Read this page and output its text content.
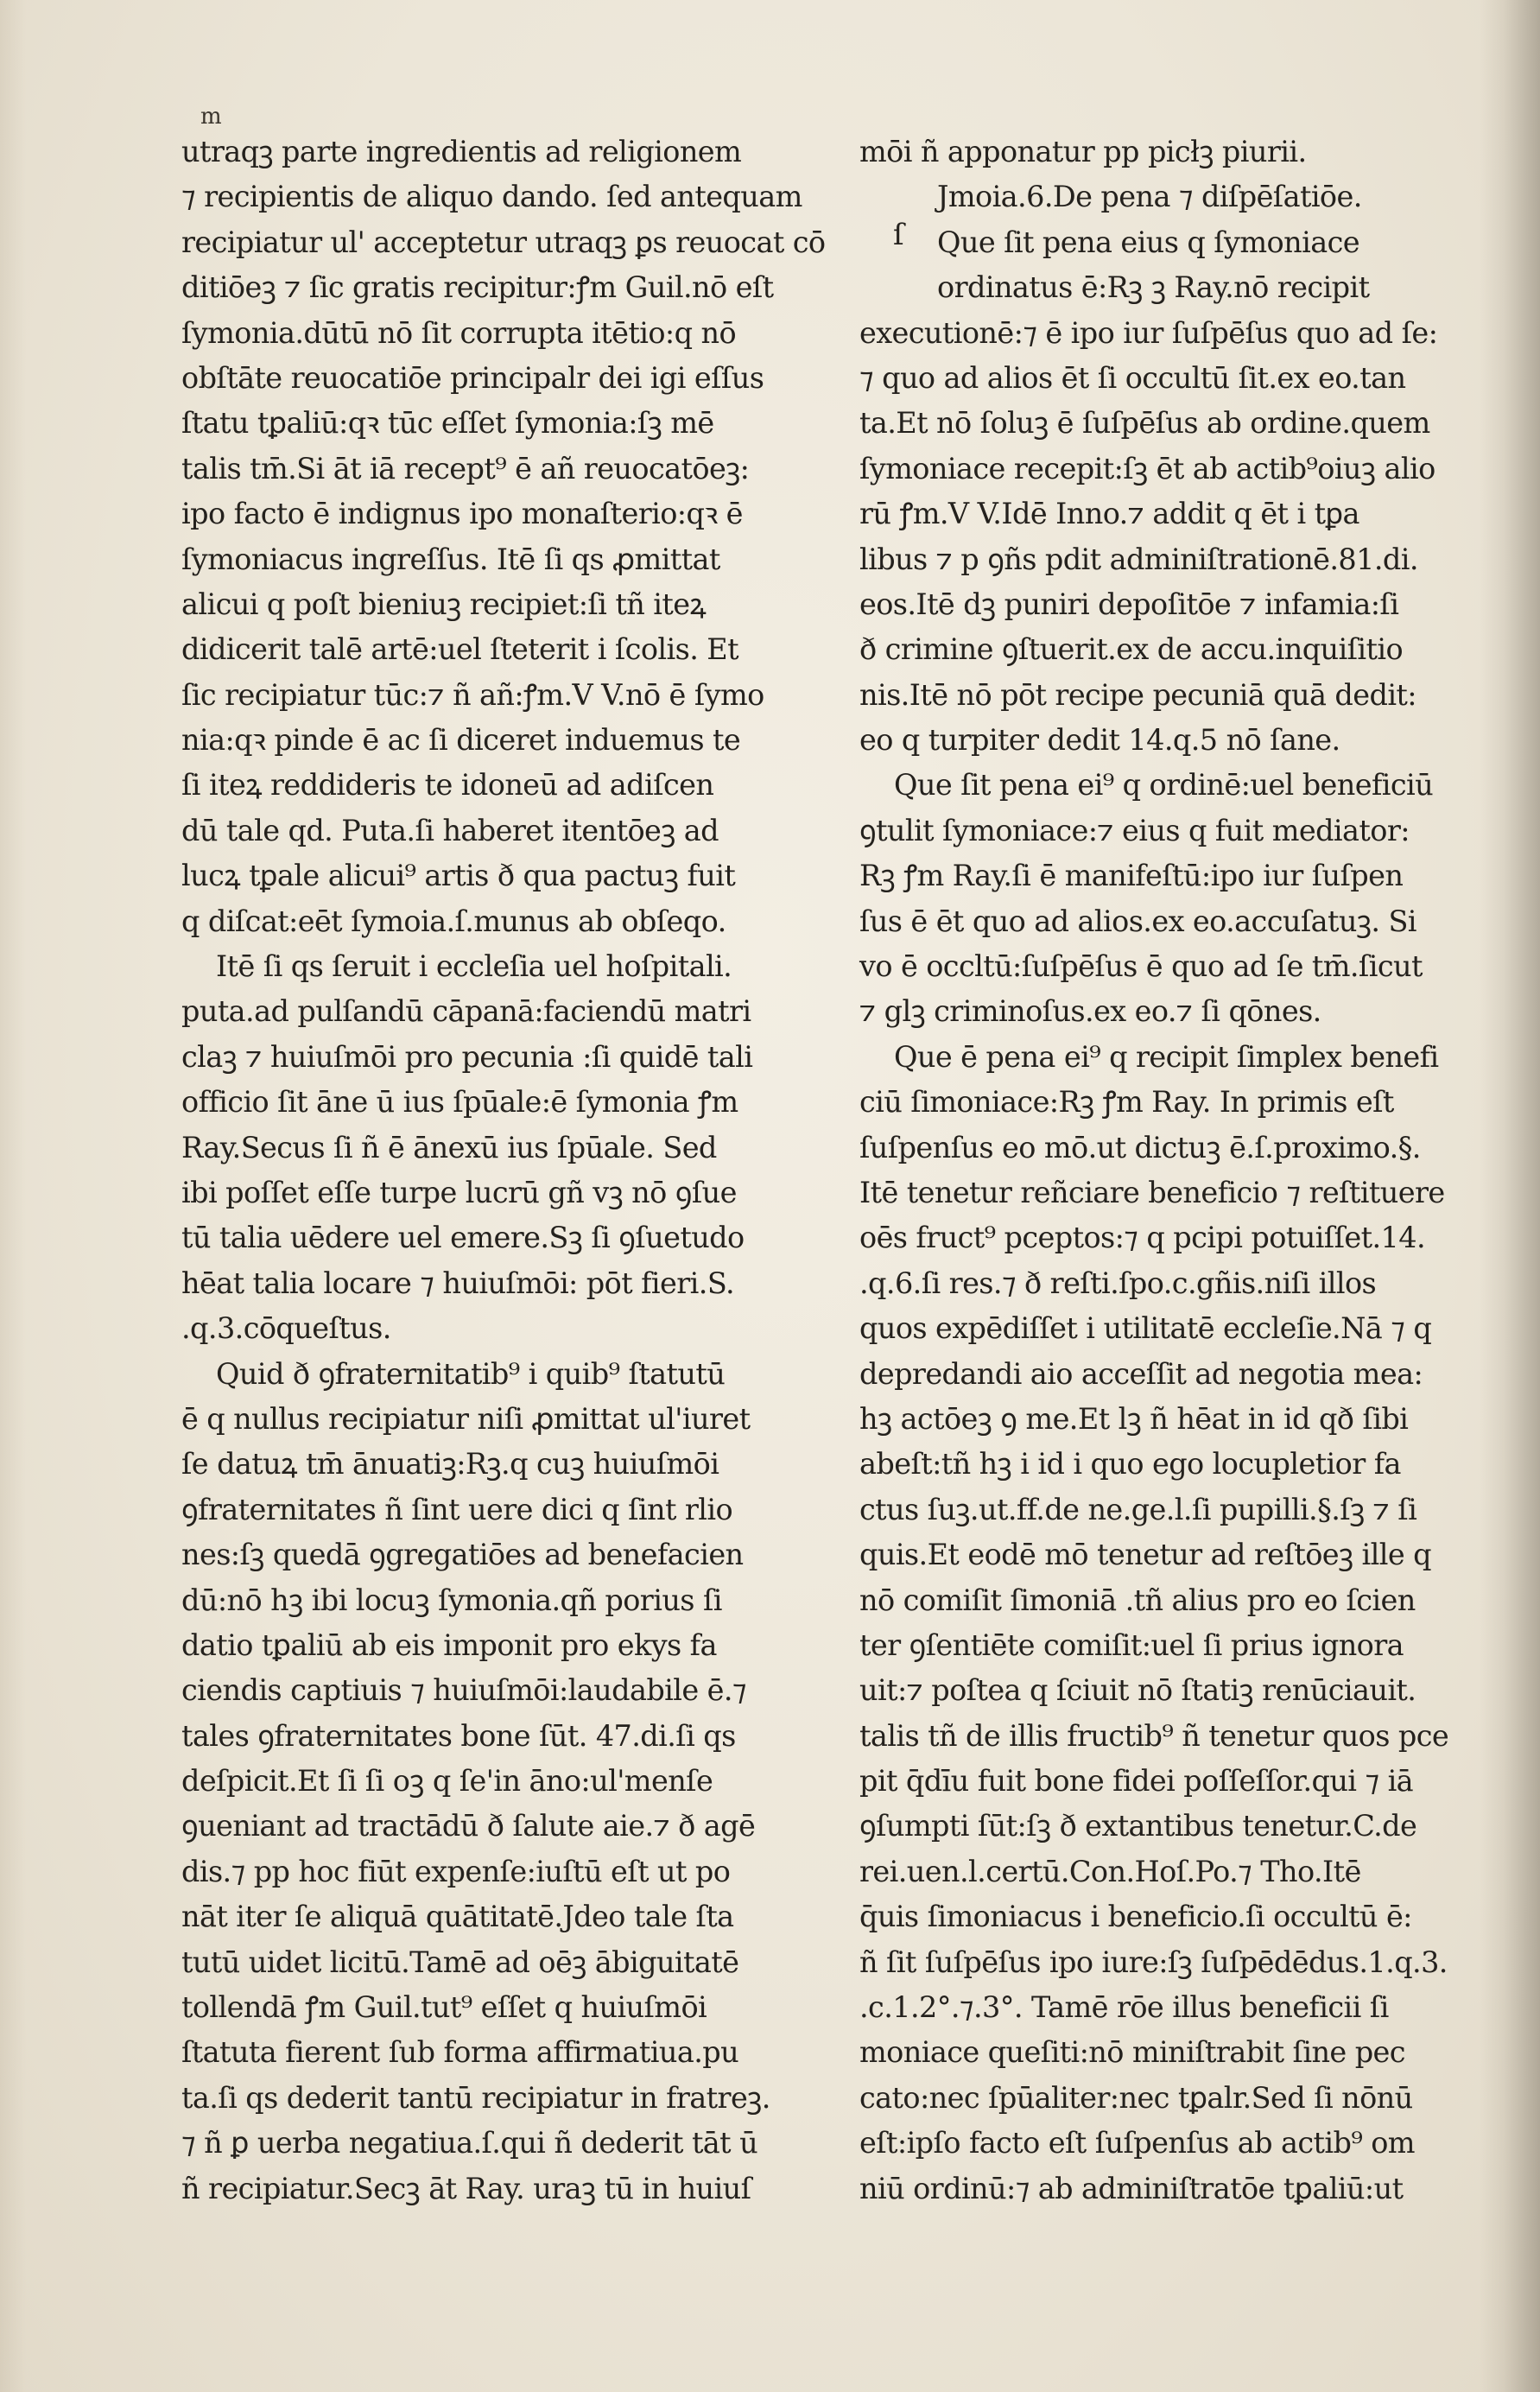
m
utraqꝫ parte ingredientis ad religionem
⁊ recipientis de aliquo dando. ſed antequam
recipiatur ul' acceptetur utraqꝫ ꝑs reuocat cō
ditiōeꝫ ⁊ ſic gratis recipitur:ꝭm Guil.nō eſt
ſymonia.dūtū nō ſit corrupta itētio:q nō
obſtāte reuocatiōe principalr dei igi eſſus
ſtatu tꝑaliū:qꝛ tūc eſſet ſymonia:ſꝫ mē
talis tm̄.Si āt iā recept⁹ ē añ reuocatōeꝫ:
ipo facto ē indignus ipo monaſterio:qꝛ ē
ſymoniacus ingreſſus. Itē ſi qs ꝓmittat
alicui q poſt bieniuꝫ recipiet:ſi tñ iteꝝ
didicerit talē artē:uel ſteterit i ſcolis. Et
ſic recipiatur tūc:⁊ ñ añ:ꝭm.V V.nō ē ſymo
nia:qꝛ pinde ē ac ſi diceret induemus te
ſi iteꝝ reddideris te idoneū ad adiſcen
dū tale qd. Puta.ſi haberet itentōeꝫ ad
lucꝝ tꝑale alicui⁹ artis ð qua pactuꝫ fuit
q diſcat:eēt ſymoia.ſ.munus ab obſeqo.
Itē ſi qs ſeruit i eccleſia uel hoſpitali.
puta.ad pulſandū cāpanā:faciendū matri
claꝫ ⁊ huiuſmōi pro pecunia :ſi quidē tali
officio ſit āne ū ius ſpūale:ē ſymonia ꝭm
Ray.Secus ſi ñ ē ānexū ius ſpūale. Sed
ibi poſſet eſſe turpe lucrū gñ vꝫ nō ꝯſue
tū talia uēdere uel emere.Sꝫ ſi ꝯſuetudo
hēat talia locare ⁊ huiuſmōi: pōt fieri.S.
.q.3.cōqueſtus.
Quid ð ꝯfraternitatib⁹ i quib⁹ ſtatutū
ē q nullus recipiatur niſi ꝓmittat ul'iuret
ſe datuꝝ tm̄ ānuatiꝫ:Rꝫ.q cuꝫ huiuſmōi
ꝯfraternitates ñ ſint uere dici q ſint rlio
nes:ſꝫ quedā ꝯgregatiōes ad benefacien
dū:nō hꝫ ibi locuꝫ ſymonia.qñ porius ſi
datio tꝑaliū ab eis imponit pro ekys fa
ciendis captiuis ⁊ huiuſmōi:laudabile ē.⁊
tales ꝯfraternitates bone ſūt. 47.di.ſi qs
deſpicit.Et ſi ſi oꝫ q ſe'in āno:ul'menſe
ꝯueniant ad tractādū ð ſalute aie.⁊ ð agē
dis.⁊ pp hoc fiūt expenſe:iuſtū eſt ut po
nāt iter ſe aliquā quātitatē.Jdeo tale ſta
tutū uidet licitū.Tamē ad oēꝫ ābiguitatē
tollendā ꝭm Guil.tut⁹ eſſet q huiuſmōi
ſtatuta fierent ſub forma affirmatiua.pu
ta.ſi qs dederit tantū recipiatur in fratreꝫ.
⁊ ñ ꝑ uerba negatiua.ſ.qui ñ dederit tāt ū
ñ recipiatur.Secꝫ āt Ray. uraꝫ tū in huiuſ
ſ
mōi ñ apponatur pp picłꝫ piurii.
Jmoia.6.De pena ⁊ diſpēſatiōe.
Que ſit pena eius q ſymoniace
ordinatus ē:Rꝫ ꝫ Ray.nō recipit
executionē:⁊ ē ipo iur ſuſpēſus quo ad ſe:
⁊ quo ad alios ēt ſi occultū ſit.ex eo.tan
ta.Et nō ſoluꝫ ē ſuſpēſus ab ordine.quem
ſymoniace recepit:ſꝫ ēt ab actib⁹oiuꝫ alio
rū ꝭm.V V.Idē Inno.⁊ addit q ēt i tꝑa
libus ⁊ p ꝯñs pdit adminiſtrationē.81.di.
eos.Itē dꝫ puniri depoſitōe ⁊ infamia:ſi
ð crimine ꝯſtuerit.ex de accu.inquiſitio
nis.Itē nō pōt recipe pecuniā quā dedit:
eo q turpiter dedit 14.q.5 nō ſane.
Que ſit pena ei⁹ q ordinē:uel beneficiū
ꝯtulit ſymoniace:⁊ eius q fuit mediator:
Rꝫ ꝭm Ray.ſi ē manifeſtū:ipo iur ſuſpen
ſus ē ēt quo ad alios.ex eo.accuſatuꝫ. Si
vo ē occltū:ſuſpēſus ē quo ad ſe tm̄.ſicut
⁊ glꝫ criminoſus.ex eo.⁊ ſi qōnes.
Que ē pena ei⁹ q recipit ſimplex benefi
ciū ſimoniace:Rꝫ ꝭm Ray. In primis eſt
ſuſpenſus eo mō.ut dictuꝫ ē.ſ.proximo.§.
Itē tenetur reñciare beneficio ⁊ reſtituere
oēs fruct⁹ pceptos:⁊ q pcipi potuiſſet.14.
.q.6.ſi res.⁊ ð reſti.ſpo.c.gñis.niſi illos
quos expēdiſſet i utilitatē eccleſie.Nā ⁊ q
depredandi aio acceſſit ad negotia mea:
hꝫ actōeꝫ ꝯ me.Et lꝫ ñ hēat in id qð ſibi
abeſt:tñ hꝫ i id i quo ego locupletior fa
ctus ſuꝫ.ut.ff.de ne.ge.l.ſi pupilli.§.ſꝫ ⁊ ſi
quis.Et eodē mō tenetur ad reſtōeꝫ ille q
nō comiſit ſimoniā .tñ alius pro eo ſcien
ter ꝯſentiēte comiſit:uel ſi prius ignora
uit:⁊ poſtea q ſciuit nō ſtatiꝫ renūciauit.
talis tñ de illis fructib⁹ ñ tenetur quos pce
pit q̄dīu fuit bone fidei poſſeſſor.qui ⁊ iā
ꝯſumpti ſūt:ſꝫ ð extantibus tenetur.C.de
rei.uen.l.certū.Con.Hoſ.Po.⁊ Tho.Itē
q̄uis ſimoniacus i beneficio.ſi occultū ē:
ñ ſit ſuſpēſus ipo iure:ſꝫ ſuſpēdēdus.1.q.3.
.c.1.2°.⁊.3°. Tamē rōe illus beneficii ſi
moniace queſiti:nō miniſtrabit ſine pec
cato:nec ſpūaliter:nec tꝑalr.Sed ſi nōnū
eſt:ipſo facto eſt ſuſpenſus ab actib⁹ om
niū ordinū:⁊ ab adminiſtratōe tꝑaliū:ut
